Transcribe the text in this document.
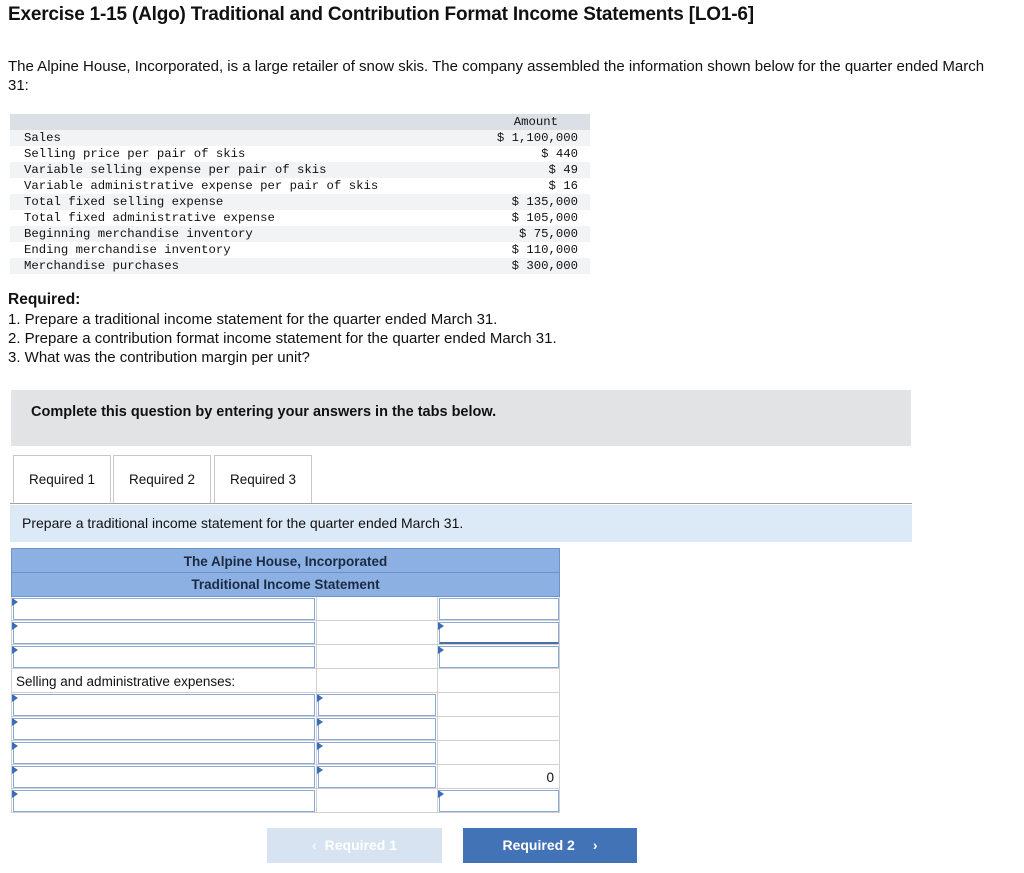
Exercise 1-15 (Algo) Traditional and Contribution Format Income Statements [LO1-6]
The Alpine House, Incorporated, is a large retailer of snow skis. The company assembled the information shown below for the quarter ended March 31:
Amount
Sales	$ 1,100,000
Selling price per pair of skis	$ 440
Variable selling expense per pair of skis	$ 49
Variable administrative expense per pair of skis	$ 16
Total fixed selling expense	$ 135,000
Total fixed administrative expense	$ 105,000
Beginning merchandise inventory	$ 75,000
Ending merchandise inventory	$ 110,000
Merchandise purchases	$ 300,000
Required:
1. Prepare a traditional income statement for the quarter ended March 31.
2. Prepare a contribution format income statement for the quarter ended March 31.
3. What was the contribution margin per unit?
Complete this question by entering your answers in the tabs below.
Required 1	Required 2	Required 3
Prepare a traditional income statement for the quarter ended March 31.
The Alpine House, Incorporated
Traditional Income Statement
Selling and administrative expenses:
0
‹ Required 1	Required 2 ›
